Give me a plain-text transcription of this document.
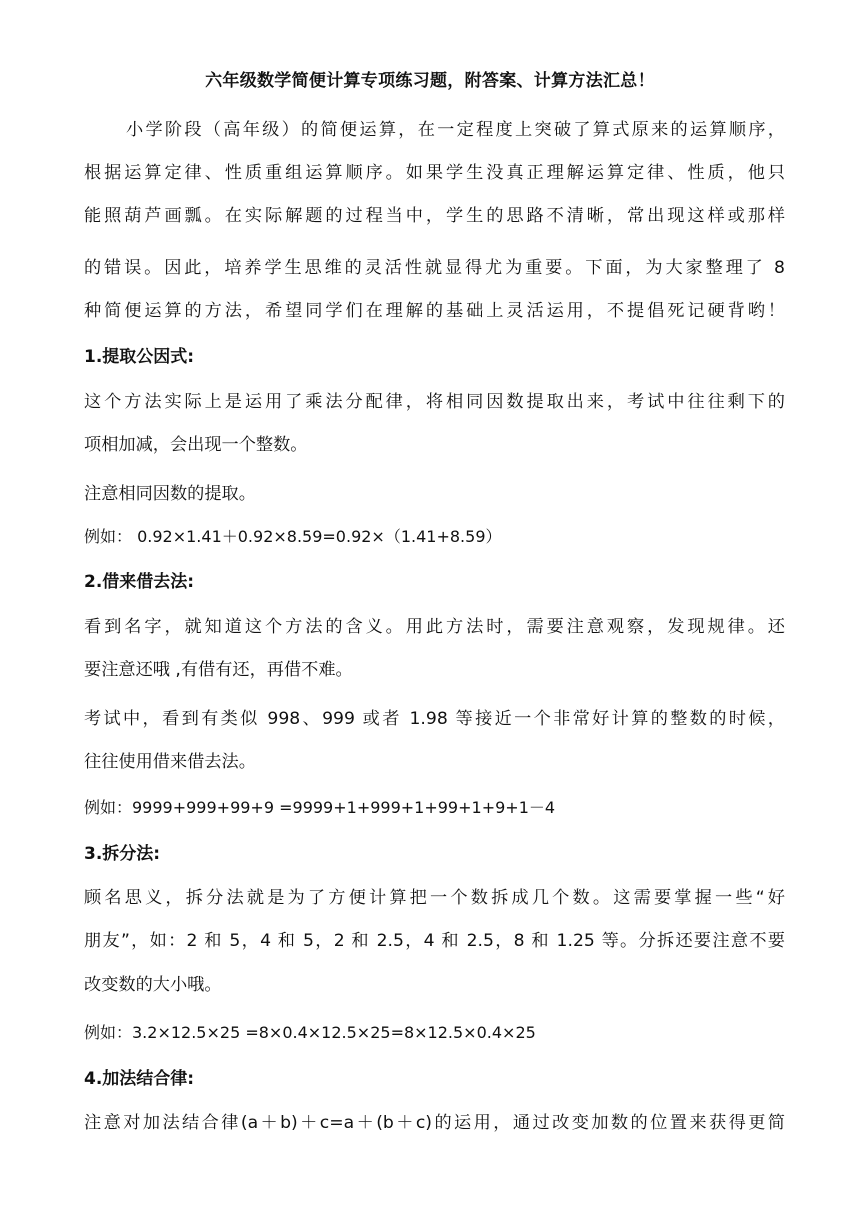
六年级数学简便计算专项练习题，附答案、计算方法汇总！
小学阶段（高年级）的简便运算，在一定程度上突破了算式原来的运算顺序，
根据运算定律、性质重组运算顺序。如果学生没真正理解运算定律、性质，他只
能照葫芦画瓢。在实际解题的过程当中，学生的思路不清晰，常出现这样或那样
的错误。因此，培养学生思维的灵活性就显得尤为重要。下面，为大家整理了 8
种简便运算的方法，希望同学们在理解的基础上灵活运用，不提倡死记硬背哟！
1.提取公因式:
这个方法实际上是运用了乘法分配律，将相同因数提取出来，考试中往往剩下的
项相加减，会出现一个整数。
注意相同因数的提取。
例如： 0.92×1.41＋0.92×8.59=0.92×（1.41+8.59）
2.借来借去法:
看到名字，就知道这个方法的含义。用此方法时，需要注意观察，发现规律。还
要注意还哦 ,有借有还，再借不难。
考试中，看到有类似 998、999 或者 1.98 等接近一个非常好计算的整数的时候，
往往使用借来借去法。
例如：9999+999+99+9 =9999+1+999+1+99+1+9+1－4
3.拆分法:
顾名思义，拆分法就是为了方便计算把一个数拆成几个数。这需要掌握一些“好
朋友”，如：2 和 5，4 和 5，2 和 2.5，4 和 2.5，8 和 1.25 等。分拆还要注意不要
改变数的大小哦。
例如：3.2×12.5×25 =8×0.4×12.5×25=8×12.5×0.4×25
4.加法结合律:
注意对加法结合律(a＋b)＋c=a＋(b＋c)的运用，通过改变加数的位置来获得更简
